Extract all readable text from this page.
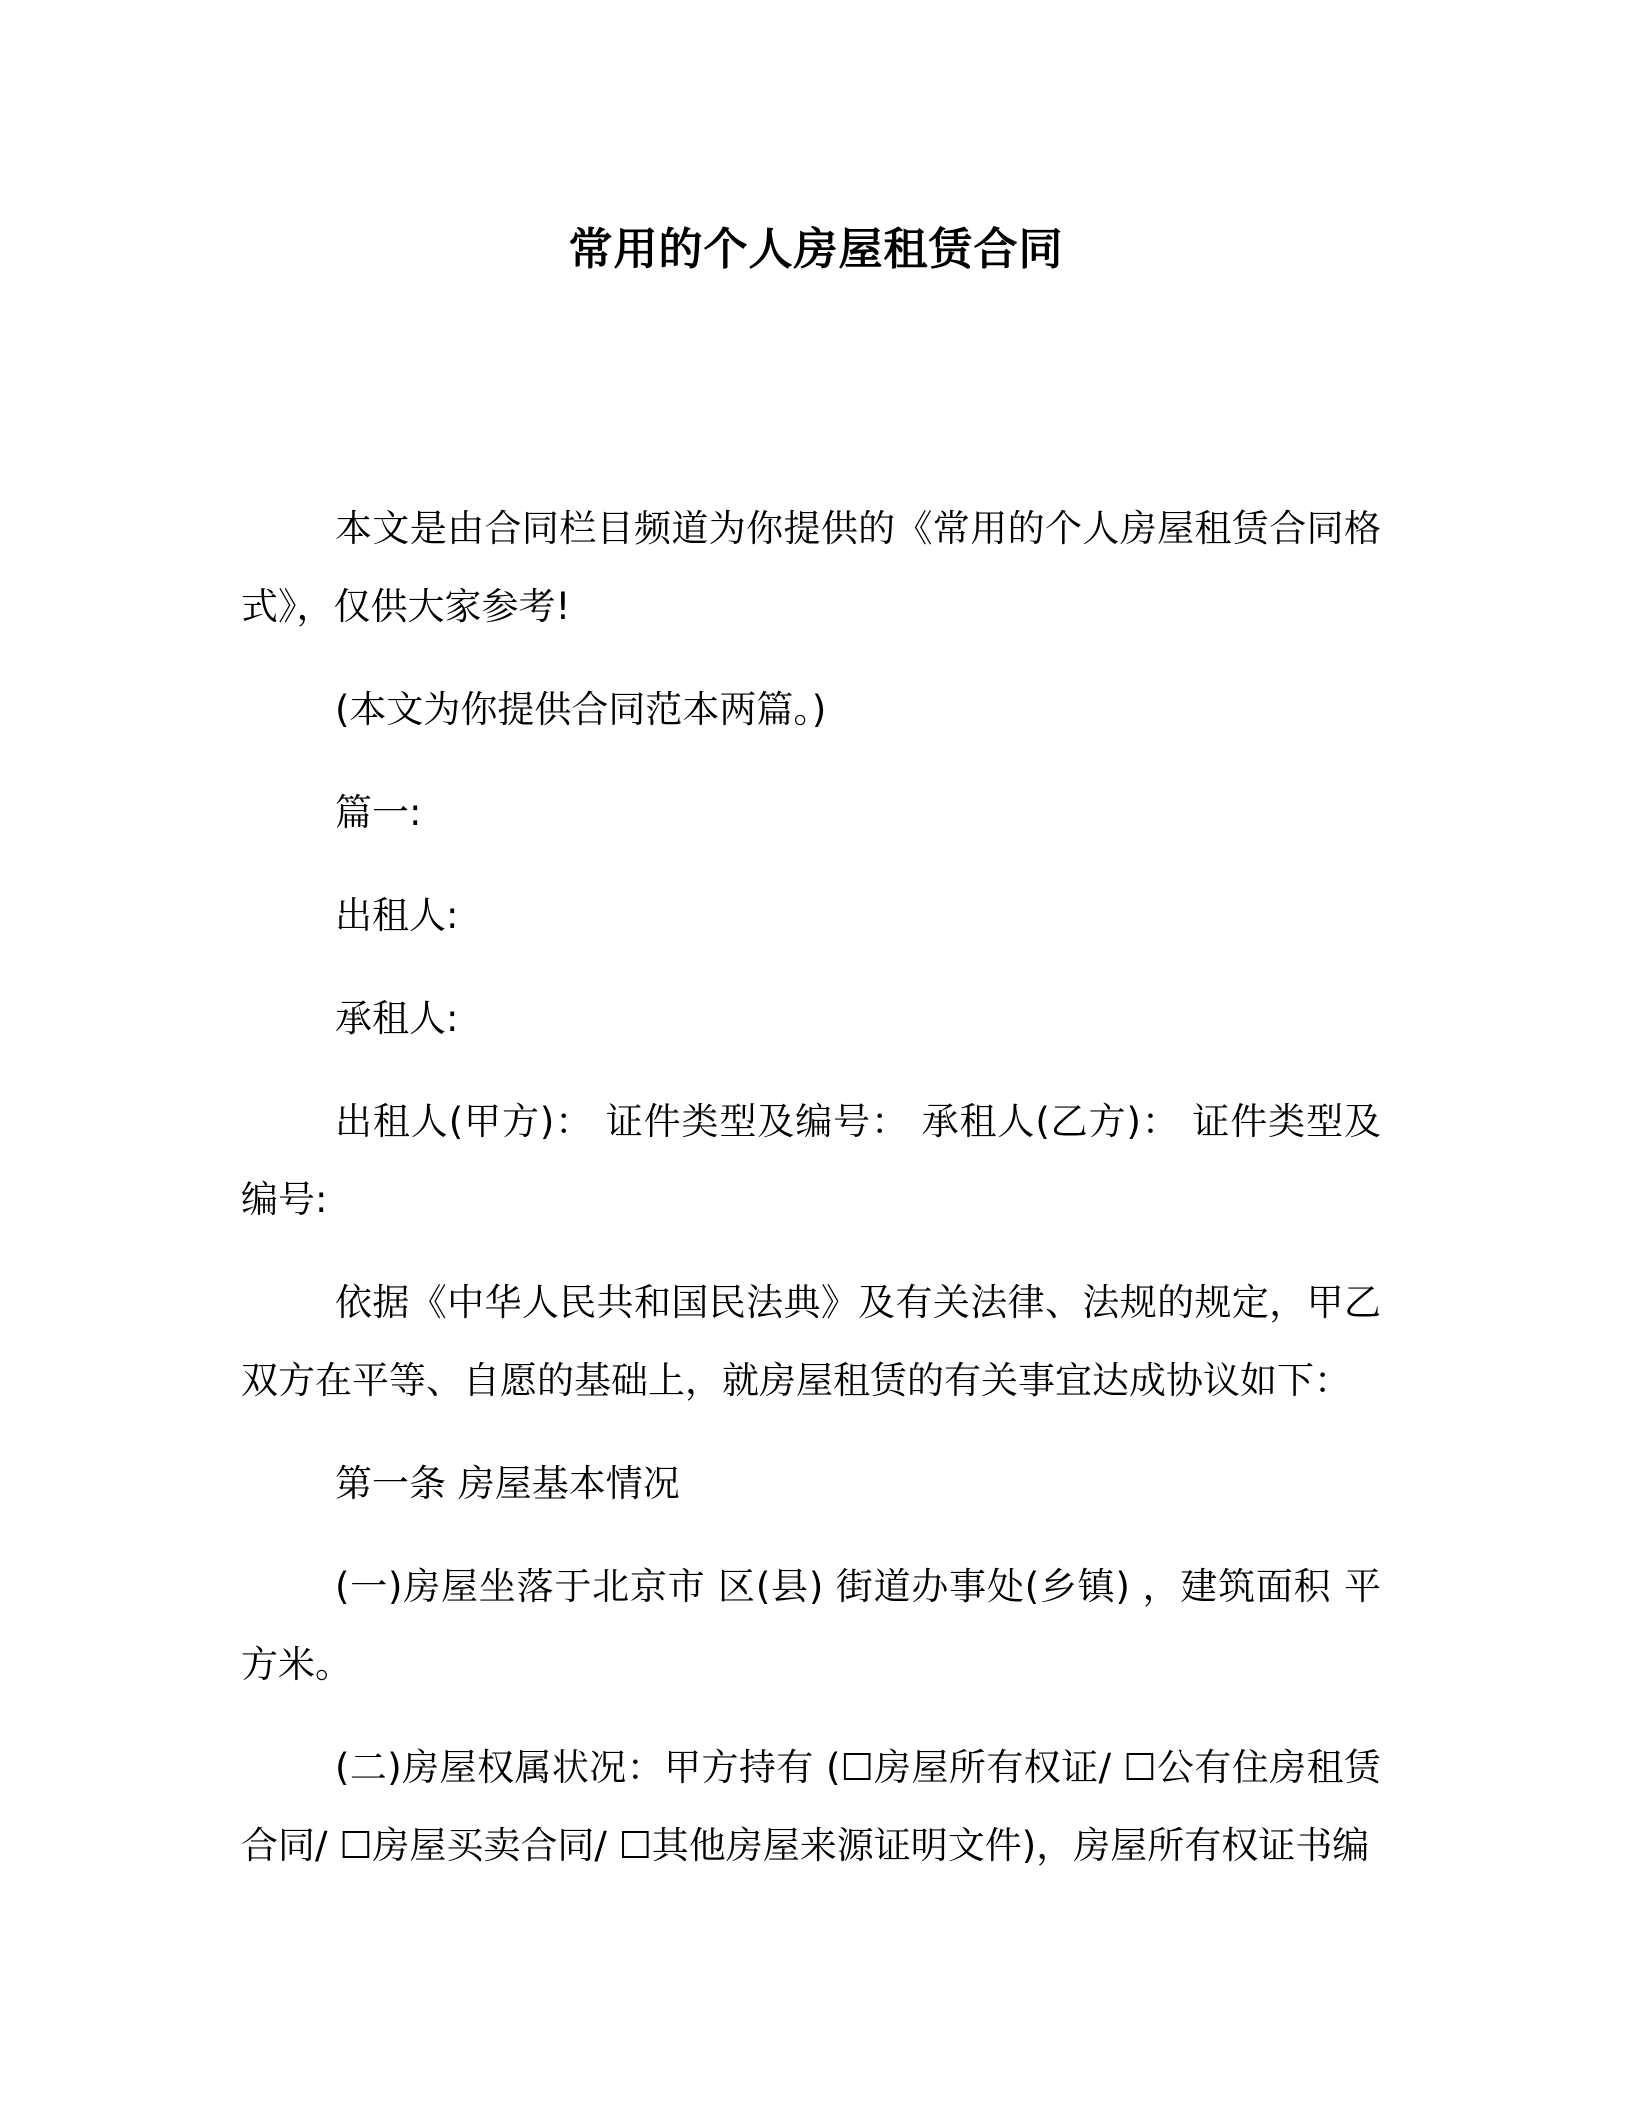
常用的个人房屋租赁合同

本文是由合同栏目频道为你提供的《常用的个人房屋租赁合同格式》，仅供大家参考!

(本文为你提供合同范本两篇。)

篇一:

出租人:

承租人:

出租人(甲方)： 证件类型及编号： 承租人(乙方)： 证件类型及编号:

依据《中华人民共和国民法典》及有关法律、法规的规定，甲乙双方在平等、自愿的基础上，就房屋租赁的有关事宜达成协议如下：

第一条 房屋基本情况

(一)房屋坐落于北京市 区(县) 街道办事处(乡镇) ，建筑面积 平方米。

(二)房屋权属状况：甲方持有 (☐房屋所有权证/ ☐公有住房租赁合同/ ☐房屋买卖合同/ ☐其他房屋来源证明文件)，房屋所有权证书编
